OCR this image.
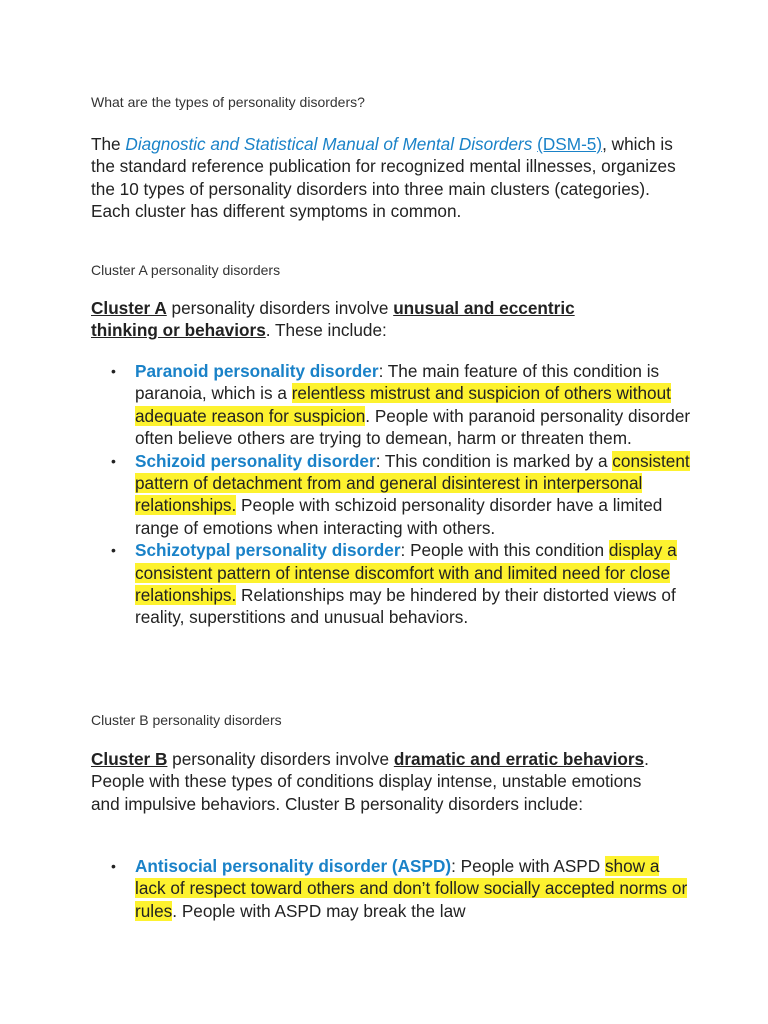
What are the types of personality disorders?
The Diagnostic and Statistical Manual of Mental Disorders (DSM-5), which is the standard reference publication for recognized mental illnesses, organizes the 10 types of personality disorders into three main clusters (categories). Each cluster has different symptoms in common.
Cluster A personality disorders
Cluster A personality disorders involve unusual and eccentric thinking or behaviors. These include:
• Paranoid personality disorder: The main feature of this condition is paranoia, which is a relentless mistrust and suspicion of others without adequate reason for suspicion. People with paranoid personality disorder often believe others are trying to demean, harm or threaten them.
• Schizoid personality disorder: This condition is marked by a consistent pattern of detachment from and general disinterest in interpersonal relationships. People with schizoid personality disorder have a limited range of emotions when interacting with others.
• Schizotypal personality disorder: People with this condition display a consistent pattern of intense discomfort with and limited need for close relationships. Relationships may be hindered by their distorted views of reality, superstitions and unusual behaviors.
Cluster B personality disorders
Cluster B personality disorders involve dramatic and erratic behaviors. People with these types of conditions display intense, unstable emotions and impulsive behaviors. Cluster B personality disorders include:
• Antisocial personality disorder (ASPD): People with ASPD show a lack of respect toward others and don’t follow socially accepted norms or rules. People with ASPD may break the law
